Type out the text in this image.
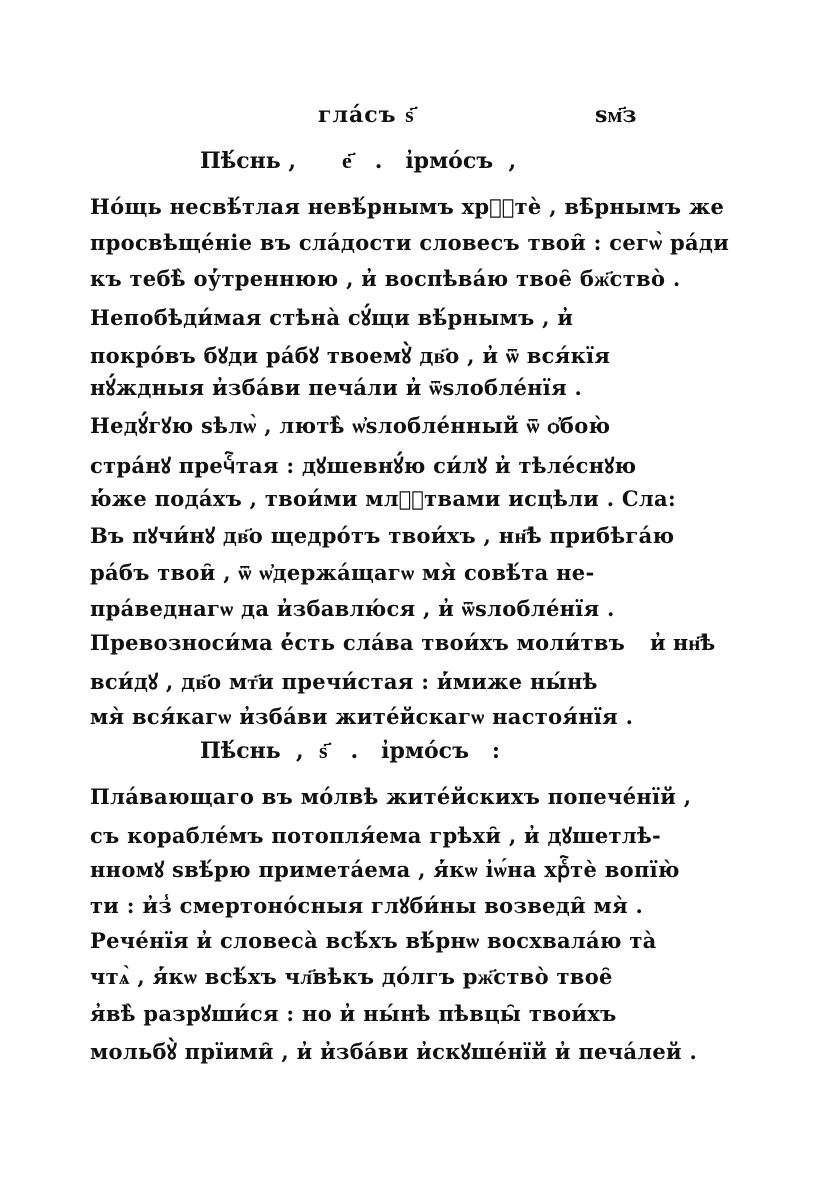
гла́съ ѕ҃	ѕм҃з
Пѣ́снь ,      е҃   .   і̓рмо́съ  ,
Но́щь несвѣ́тлая невѣ́рнымъ хрⷭ҇тѐ , вѣ̑рнымъ же
просвѣще́ніе въ сла́дости словесъ твои̑ : сегѡ̀ ра́ди
къ тебѣ̀ оу̓́треннюю , и̓ воспѣва́ю твое̑ бж҃ство̀ .
Непобѣди́мая стѣна̀ сꙋ́щи вѣ́рнымъ , и̓
покро́въ бꙋди ра́бꙋ твоемꙋ̀ дв҃о , и̓ ѿ вся́кїя
нꙋ́ждныя и̓зба́ви печа́ли и̓ ѿѕлобле́нїя .
Недꙋ́гꙋю ѕѣлѡ̀ , лютѣ̀ ѡ̓ѕлобле́нный ѿ ѻ҆бою̀
стра́нꙋ пречⷭ҇тая : дꙋшевнꙋ́ю си́лꙋ и̓ тѣле́снꙋю
ю̓́же пода́хъ , твои́ми млⷭ҇твами исцѣли . Сла:
Въ пꙋчи́нꙋ дв҃о щедро́тъ твои́хъ , нн҃ѣ прибѣга́ю
ра́бъ твои̑ , ѿ ѡ̓держа́щагѡ мя̀ совѣ́та не-
пра́веднагѡ да и̓збавлю́ся , и̓ ѿѕлобле́нїя .
Превозноси́ма е̓́сть сла́ва твои́хъ моли́твъ и̓ нн҃ѣ
вси́дꙋ , дв҃о мт҃и пречи́стая : и̓́миже ны́нѣ
мя̀ вся́кагѡ и̓зба́ви жите́йскагѡ настоя́нїя .
Пѣ́снь  ,  ѕ҃   .   і̓рмо́съ   :
Пла́вающаго въ мо́лвѣ жите́йскихъ попече́нїй ,
съ корабле́мъ потопля́ема грѣхи̑ , и̓ дꙋшетлѣ-
нномꙋ ѕвѣ́рю примета́ема , я̓́кѡ і̓ѡ́на хрⷭ҇тѐ вопїю̀
ти : и̓з̾ смертоно́сныя глꙋби́ны возведи̑ мя̀ .
Рече́нїя и̓ словеса̀ всѣ́хъ вѣ́рнѡ восхвала́ю та̀
чтѧ̀ , я̓́кѡ всѣ́хъ чл҃вѣкъ до́лгъ рж҃ство̀ твое̑
я̓вѣ̀ разрꙋши́ся : но и̓ ны́нѣ пѣвцы̑ твои́хъ
мольбꙋ̀ прїими̑ , и̓ и̓зба́ви и̓скꙋше́нїй и̓ печа́лей .
